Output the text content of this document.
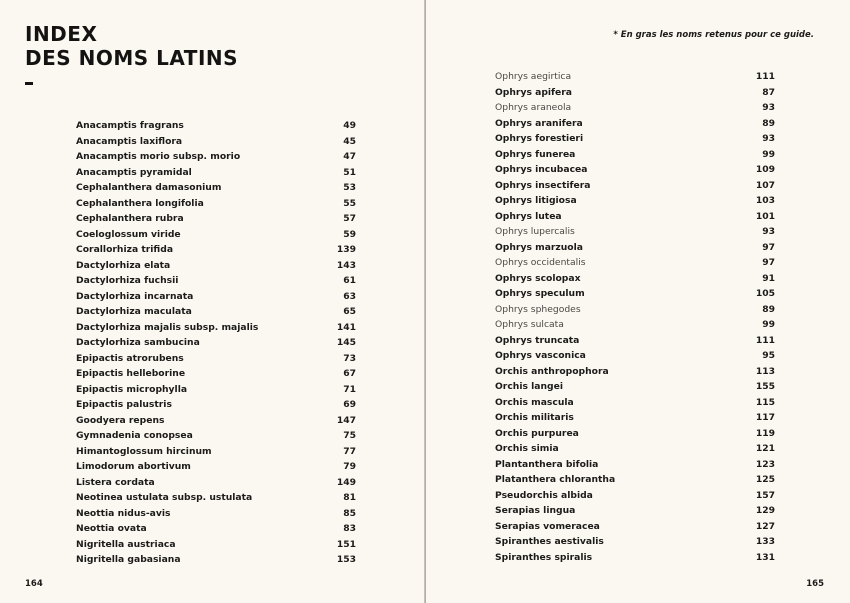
INDEX
DES NOMS LATINS
Anacamptis fragrans	49
Anacamptis laxiflora	45
Anacamptis morio subsp. morio	47
Anacamptis pyramidal	51
Cephalanthera damasonium	53
Cephalanthera longifolia	55
Cephalanthera rubra	57
Coeloglossum viride	59
Corallorhiza trifida	139
Dactylorhiza elata	143
Dactylorhiza fuchsii	61
Dactylorhiza incarnata	63
Dactylorhiza maculata	65
Dactylorhiza majalis subsp. majalis	141
Dactylorhiza sambucina	145
Epipactis atrorubens	73
Epipactis helleborine	67
Epipactis microphylla	71
Epipactis palustris	69
Goodyera repens	147
Gymnadenia conopsea	75
Himantoglossum hircinum	77
Limodorum abortivum	79
Listera cordata	149
Neotinea ustulata subsp. ustulata	81
Neottia nidus-avis	85
Neottia ovata	83
Nigritella austriaca	151
Nigritella gabasiana	153
164
* En gras les noms retenus pour ce guide.
Ophrys aegirtica	111
Ophrys apifera	87
Ophrys araneola	93
Ophrys aranifera	89
Ophrys forestieri	93
Ophrys funerea	99
Ophrys incubacea	109
Ophrys insectifera	107
Ophrys litigiosa	103
Ophrys lutea	101
Ophrys lupercalis	93
Ophrys marzuola	97
Ophrys occidentalis	97
Ophrys scolopax	91
Ophrys speculum	105
Ophrys sphegodes	89
Ophrys sulcata	99
Ophrys truncata	111
Ophrys vasconica	95
Orchis anthropophora	113
Orchis langei	155
Orchis mascula	115
Orchis militaris	117
Orchis purpurea	119
Orchis simia	121
Plantanthera bifolia	123
Platanthera chlorantha	125
Pseudorchis albida	157
Serapias lingua	129
Serapias vomeracea	127
Spiranthes aestivalis	133
Spiranthes spiralis	131
165
